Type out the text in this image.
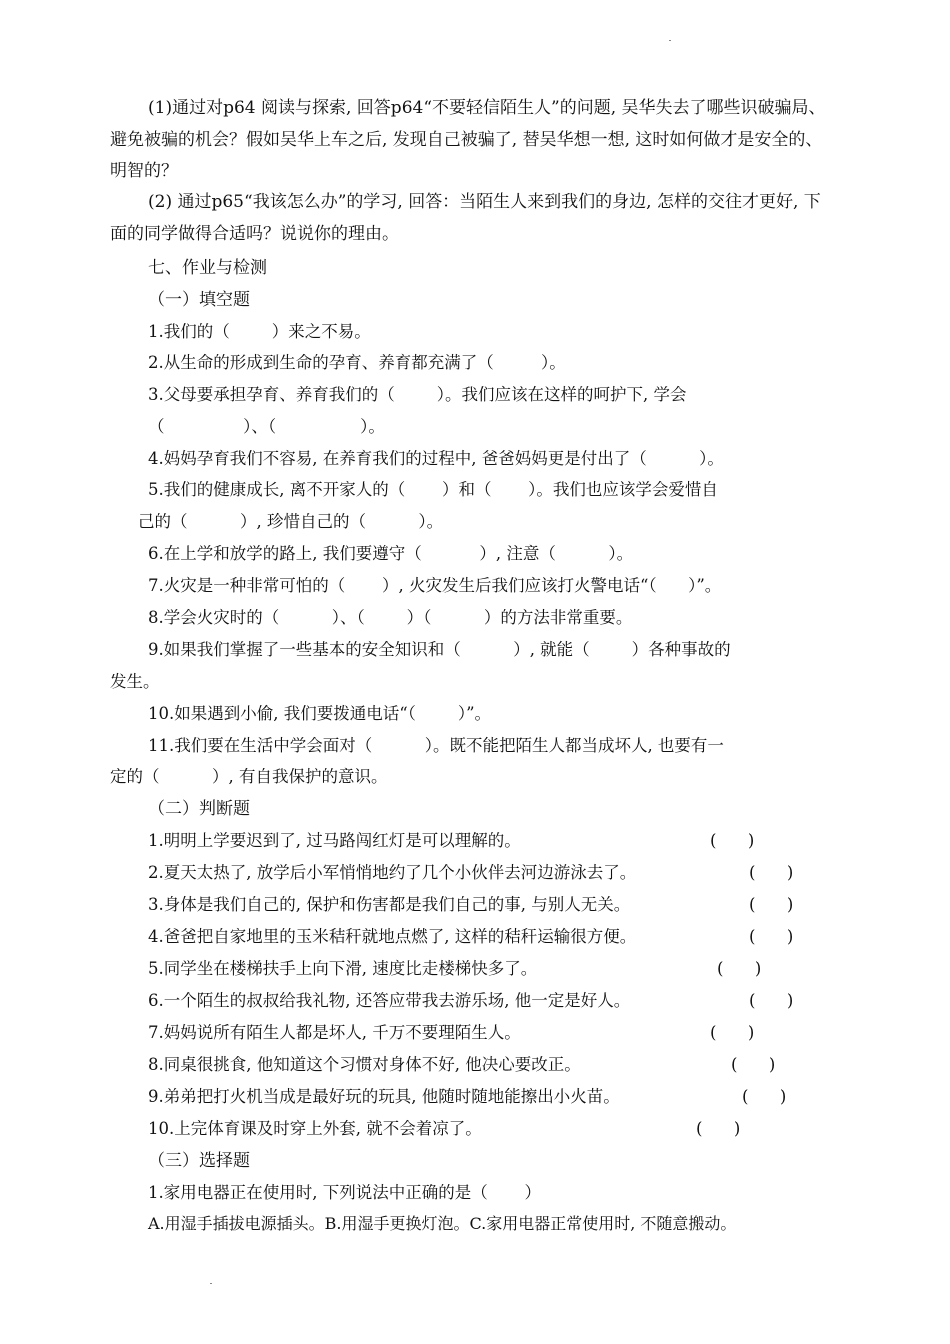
(1)通过对p64 阅读与探索, 回答p64“不要轻信陌生人”的问题, 吴华失去了哪些识破骗局、避免被骗的机会？假如吴华上车之后, 发现自己被骗了, 替吴华想一想, 这时如何做才是安全的、明智的？

(2) 通过p65“我该怎么办”的学习, 回答：当陌生人来到我们的身边, 怎样的交往才更好, 下面的同学做得合适吗？说说你的理由。

七、作业与检测
（一）填空题
1.我们的（        ）来之不易。
2.从生命的形成到生命的孕育、养育都充满了（         ）。
3.父母要承担孕育、养育我们的（        ）。我们应该在这样的呵护下, 学会
（               ）、（                ）。
4.妈妈孕育我们不容易, 在养育我们的过程中, 爸爸妈妈更是付出了（          ）。
5.我们的健康成长, 离不开家人的（       ）和（       ）。我们也应该学会爱惜自
己的（          ）, 珍惜自己的（          ）。
6.在上学和放学的路上, 我们要遵守（           ）, 注意（          ）。
7.火灾是一种非常可怕的（       ）, 火灾发生后我们应该打火警电话“（      ）”。
8.学会火灾时的（          ）、（        ）（          ）的方法非常重要。
9.如果我们掌握了一些基本的安全知识和（          ）, 就能（        ）各种事故的
发生。
10.如果遇到小偷, 我们要拨通电话“（        ）”。
11.我们要在生活中学会面对（          ）。既不能把陌生人都当成坏人, 也要有一
定的（          ）, 有自我保护的意识。
（二）判断题
1.明明上学要迟到了, 过马路闯红灯是可以理解的。	(      )
2.夏天太热了, 放学后小军悄悄地约了几个小伙伴去河边游泳去了。	(      )
3.身体是我们自己的, 保护和伤害都是我们自己的事, 与别人无关。	(      )
4.爸爸把自家地里的玉米秸秆就地点燃了, 这样的秸秆运输很方便。	(      )
5.同学坐在楼梯扶手上向下滑, 速度比走楼梯快多了。	(      )
6.一个陌生的叔叔给我礼物, 还答应带我去游乐场, 他一定是好人。	(      )
7.妈妈说所有陌生人都是坏人, 千万不要理陌生人。	(      )
8.同桌很挑食, 他知道这个习惯对身体不好, 他决心要改正。	(      )
9.弟弟把打火机当成是最好玩的玩具, 他随时随地能擦出小火苗。	(      )
10.上完体育课及时穿上外套, 就不会着凉了。	(      )
（三）选择题
1.家用电器正在使用时, 下列说法中正确的是（       ）
A.用湿手插拔电源插头。B.用湿手更换灯泡。C.家用电器正常使用时, 不随意搬动。
